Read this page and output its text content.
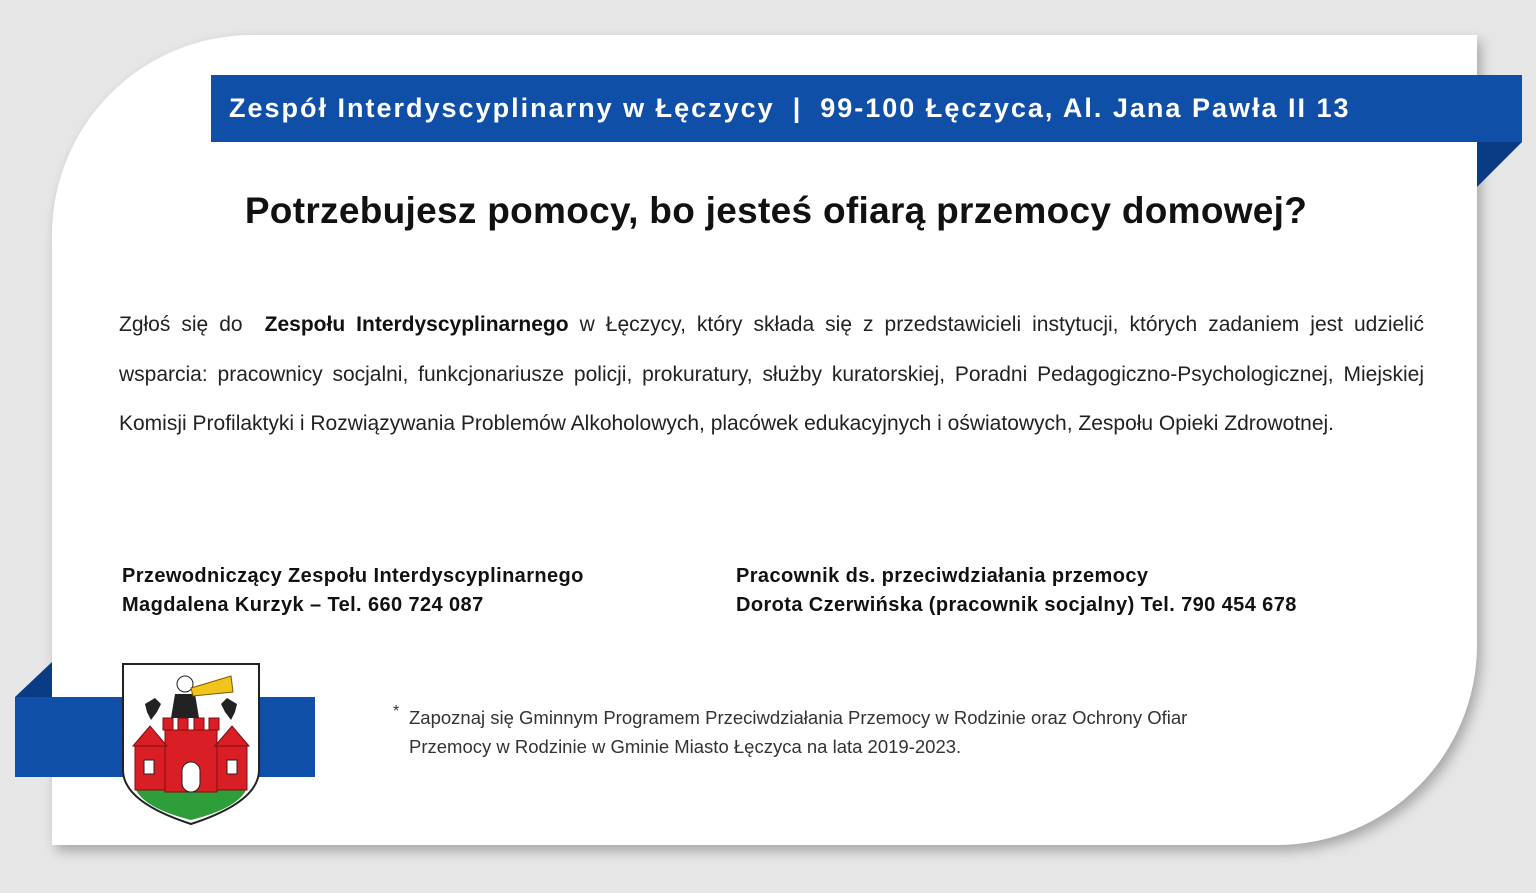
Zespół Interdyscyplinarny w Łęczycy | 99-100 Łęczyca, Al. Jana Pawła II 13
Potrzebujesz pomocy, bo jesteś ofiarą przemocy domowej?
Zgłoś się do Zespołu Interdyscyplinarnego w Łęczycy, który składa się z przedstawicieli instytucji, których zadaniem jest udzielić wsparcia: pracownicy socjalni, funkcjonariusze policji, prokuratury, służby kuratorskiej, Poradni Pedagogiczno-Psychologicznej, Miejskiej Komisji Profilaktyki i Rozwiązywania Problemów Alkoholowych, placówek edukacyjnych i oświatowych, Zespołu Opieki Zdrowotnej.
Przewodniczący Zespołu Interdyscyplinarnego
Magdalena Kurzyk – Tel. 660 724 087
Pracownik ds. przeciwdziałania przemocy
Dorota Czerwińska (pracownik socjalny) Tel. 790 454 678
* Zapoznaj się Gminnym Programem Przeciwdziałania Przemocy w Rodzinie oraz Ochrony Ofiar
Przemocy w Rodzinie w Gminie Miasto Łęczyca na lata 2019-2023.
